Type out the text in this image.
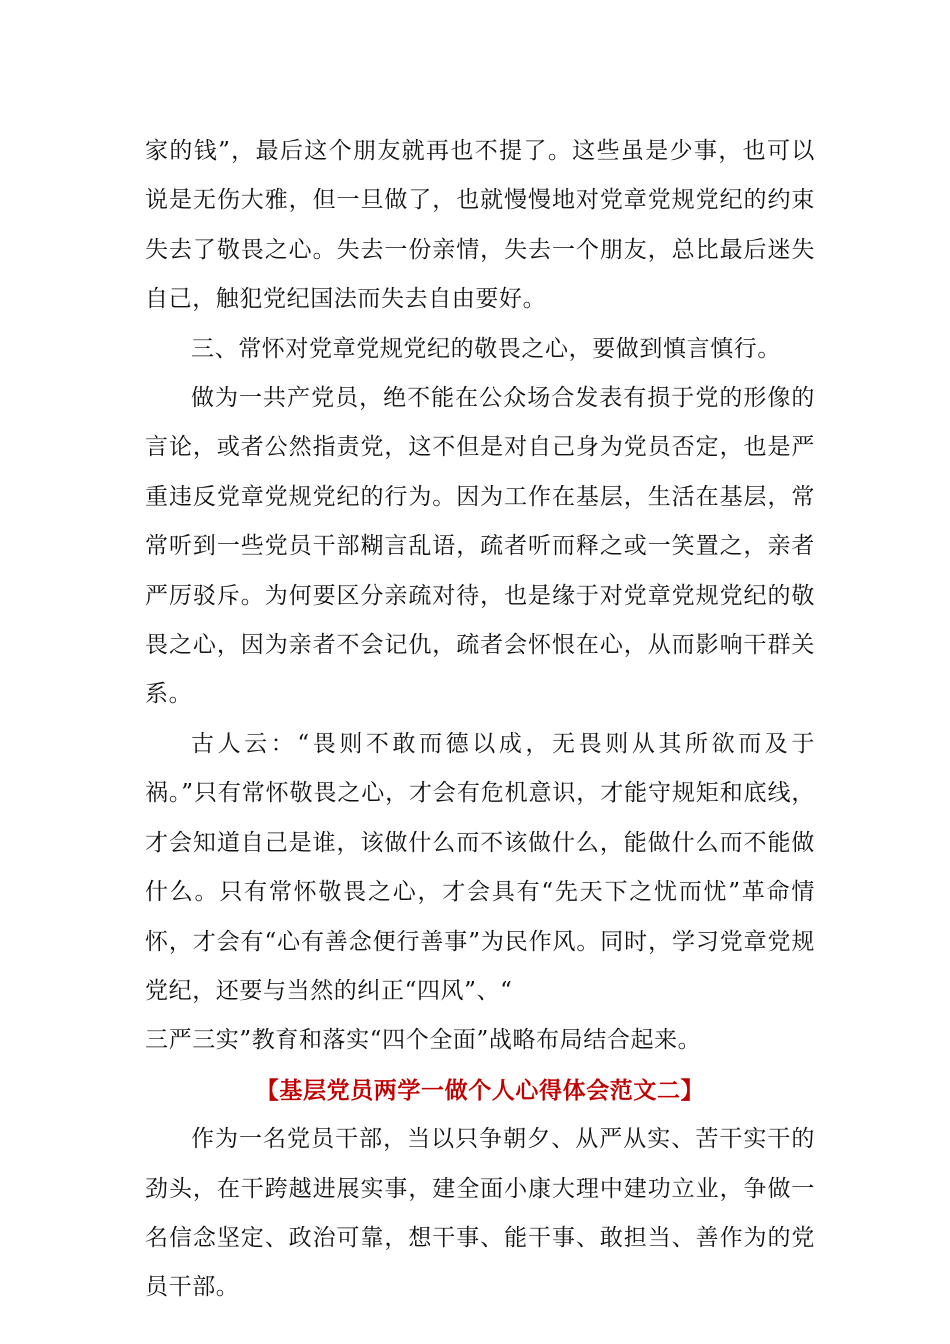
家的钱”，最后这个朋友就再也不提了。这些虽是少事，也可以说是无伤大雅，但一旦做了，也就慢慢地对党章党规党纪的约束失去了敬畏之心。失去一份亲情，失去一个朋友，总比最后迷失自己，触犯党纪国法而失去自由要好。

三、常怀对党章党规党纪的敬畏之心，要做到慎言慎行。

做为一共产党员，绝不能在公众场合发表有损于党的形像的言论，或者公然指责党，这不但是对自己身为党员否定，也是严重违反党章党规党纪的行为。因为工作在基层，生活在基层，常常听到一些党员干部糊言乱语，疏者听而释之或一笑置之，亲者严厉驳斥。为何要区分亲疏对待，也是缘于对党章党规党纪的敬畏之心，因为亲者不会记仇，疏者会怀恨在心，从而影响干群关系。

古人云：“畏则不敢而德以成，无畏则从其所欲而及于祸。”只有常怀敬畏之心，才会有危机意识，才能守规矩和底线，才会知道自己是谁，该做什么而不该做什么，能做什么而不能做什么。只有常怀敬畏之心，才会具有“先天下之忧而忧”革命情怀，才会有“心有善念便行善事”为民作风。同时，学习党章党规党纪，还要与当然的纠正“四风”、“

三严三实”教育和落实“四个全面”战略布局结合起来。

【基层党员两学一做个人心得体会范文二】

作为一名党员干部，当以只争朝夕、从严从实、苦干实干的劲头，在干跨越进展实事，建全面小康大理中建功立业，争做一名信念坚定、政治可靠，想干事、能干事、敢担当、善作为的党员干部。
